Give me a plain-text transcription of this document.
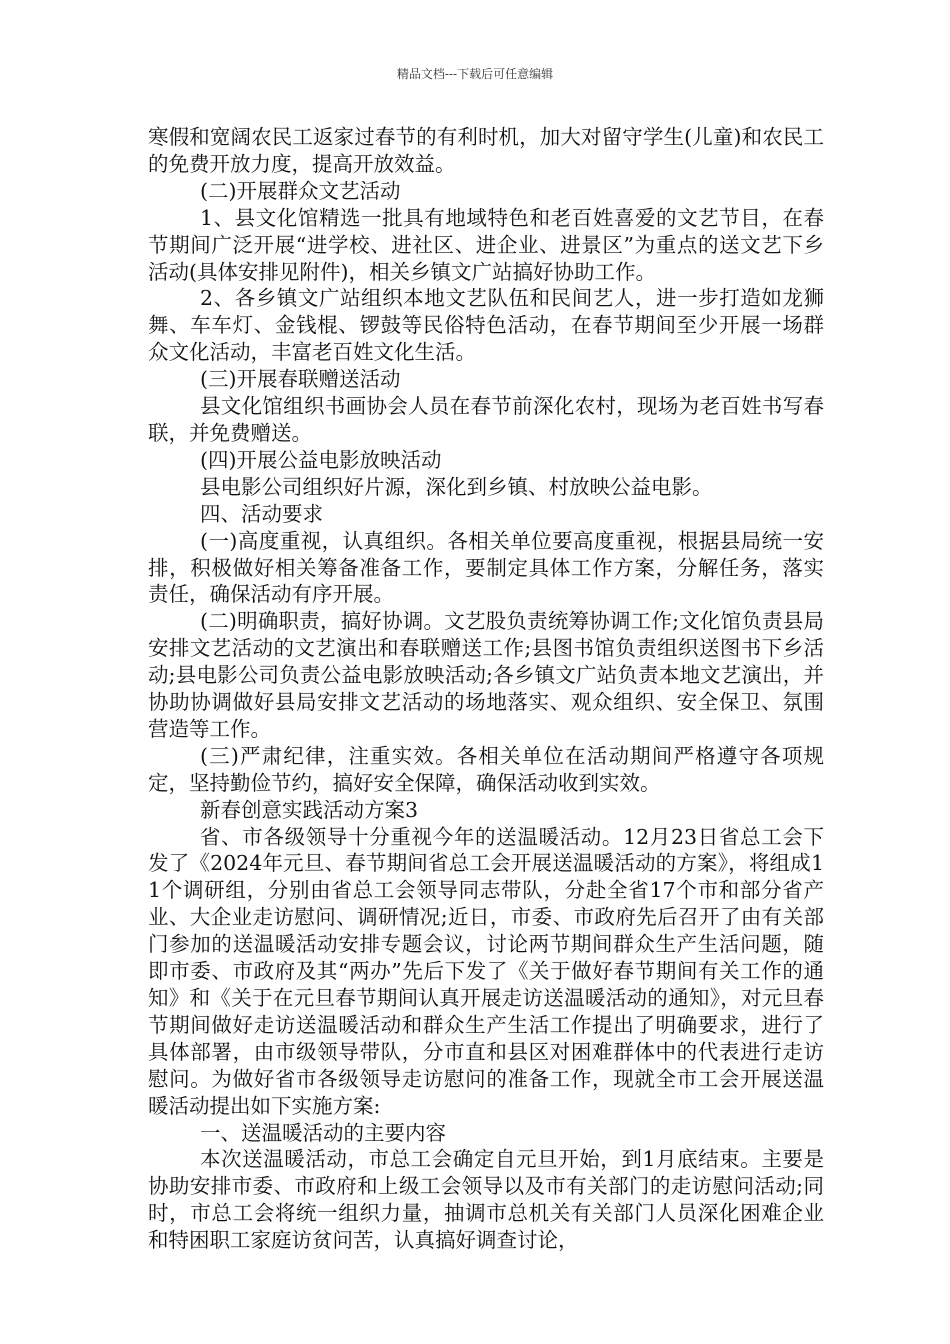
精品文档---下载后可任意编辑

寒假和宽阔农民工返家过春节的有利时机，加大对留守学生(儿童)和农民工的免费开放力度，提高开放效益。

(二)开展群众文艺活动

1、县文化馆精选一批具有地域特色和老百姓喜爱的文艺节目，在春节期间广泛开展“进学校、进社区、进企业、进景区”为重点的送文艺下乡活动(具体安排见附件)，相关乡镇文广站搞好协助工作。

2、各乡镇文广站组织本地文艺队伍和民间艺人，进一步打造如龙狮舞、车车灯、金钱棍、锣鼓等民俗特色活动，在春节期间至少开展一场群众文化活动，丰富老百姓文化生活。

(三)开展春联赠送活动

县文化馆组织书画协会人员在春节前深化农村，现场为老百姓书写春联，并免费赠送。

(四)开展公益电影放映活动

县电影公司组织好片源，深化到乡镇、村放映公益电影。

四、活动要求

(一)高度重视，认真组织。各相关单位要高度重视，根据县局统一安排，积极做好相关筹备准备工作，要制定具体工作方案，分解任务，落实责任，确保活动有序开展。

(二)明确职责，搞好协调。文艺股负责统筹协调工作;文化馆负责县局安排文艺活动的文艺演出和春联赠送工作;县图书馆负责组织送图书下乡活动;县电影公司负责公益电影放映活动;各乡镇文广站负责本地文艺演出，并协助协调做好县局安排文艺活动的场地落实、观众组织、安全保卫、氛围营造等工作。

(三)严肃纪律，注重实效。各相关单位在活动期间严格遵守各项规定，坚持勤俭节约，搞好安全保障，确保活动收到实效。

新春创意实践活动方案3

省、市各级领导十分重视今年的送温暖活动。12月23日省总工会下发了《2024年元旦、春节期间省总工会开展送温暖活动的方案》，将组成11个调研组，分别由省总工会领导同志带队，分赴全省17个市和部分省产业、大企业走访慰问、调研情况;近日，市委、市政府先后召开了由有关部门参加的送温暖活动安排专题会议，讨论两节期间群众生产生活问题，随即市委、市政府及其“两办”先后下发了《关于做好春节期间有关工作的通知》和《关于在元旦春节期间认真开展走访送温暖活动的通知》，对元旦春节期间做好走访送温暖活动和群众生产生活工作提出了明确要求，进行了具体部署，由市级领导带队，分市直和县区对困难群体中的代表进行走访慰问。为做好省市各级领导走访慰问的准备工作，现就全市工会开展送温暖活动提出如下实施方案:

一、送温暖活动的主要内容

本次送温暖活动，市总工会确定自元旦开始，到1月底结束。主要是协助安排市委、市政府和上级工会领导以及市有关部门的走访慰问活动;同时，市总工会将统一组织力量，抽调市总机关有关部门人员深化困难企业和特困职工家庭访贫问苦，认真搞好调查讨论，
